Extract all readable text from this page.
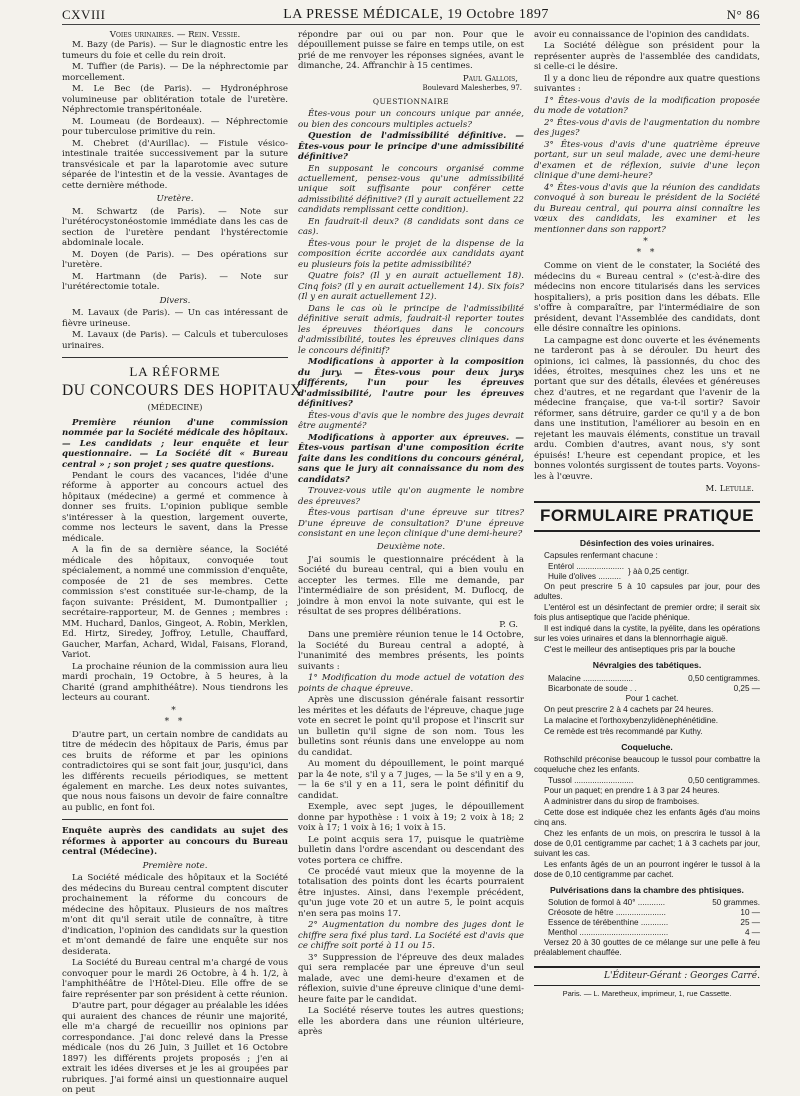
CXVIII	LA PRESSE MÉDICALE, 19 Octobre 1897	N° 86
Voies urinaires. — Rein. Vessie.

M. Bazy (de Paris). — Sur le diagnostic entre les tumeurs du foie et celle du rein droit.

M. Tuffier (de Paris). — De la néphrectomie par morcellement.

M. Le Bec (de Paris). — Hydronéphrose volumineuse par oblitération totale de l'uretère. Néphrectomie transpéritonéale.

M. Loumeau (de Bordeaux). — Néphrectomie pour tuberculose primitive du rein.

M. Chebret (d'Aurillac). — Fistule vésico-intestinale traitée successivement par la suture transvésicale et par la laparotomie avec suture séparée de l'intestin et de la vessie. Avantages de cette dernière méthode.

Uretère.

M. Schwartz (de Paris). — Note sur l'urétérocystonéostomie immédiate dans les cas de section de l'uretère pendant l'hystérectomie abdominale locale.

M. Doyen (de Paris). — Des opérations sur l'uretère.

M. Hartmann (de Paris). — Note sur l'urétérectomie totale.

Divers.

M. Lavaux (de Paris). — Un cas intéressant de fièvre urineuse.

M. Lavaux (de Paris). — Calculs et tuberculoses urinaires.

LA RÉFORME
DU CONCOURS DES HOPITAUX
(MÉDECINE)

Première réunion d'une commission nommée par la Société médicale des hôpitaux. — Les candidats ; leur enquête et leur questionnaire. — La Société dit « Bureau central » ; son projet ; ses quatre questions.

Pendant le cours des vacances, l'idée d'une réforme à apporter au concours actuel des hôpitaux (médecine) a germé et commence à donner ses fruits. L'opinion publique semble s'intéresser à la question, largement ouverte, comme nos lecteurs le savent, dans la Presse médicale.

A la fin de sa dernière séance, la Société médicale des hôpitaux, convoquée tout spécialement, a nommé une commission d'enquête, composée de 21 de ses membres. Cette commission s'est constituée sur-le-champ, de la façon suivante: Président, M. Dumontpallier ; secrétaire-rapporteur, M. de Gennes ; membres : MM. Huchard, Danlos, Gingeot, A. Robin, Merklen, Ed. Hirtz, Siredey, Joffroy, Letulle, Chauffard, Gaucher, Marfan, Achard, Widal, Faisans, Florand, Variot.

La prochaine réunion de la commission aura lieu mardi prochain, 19 Octobre, à 5 heures, à la Charité (grand amphithéâtre). Nous tiendrons les lecteurs au courant.

*
* *

D'autre part, un certain nombre de candidats au titre de médecin des hôpitaux de Paris, émus par ces bruits de réforme et par les opinions contradictoires qui se sont fait jour, jusqu'ici, dans les différents recueils périodiques, se mettent également en marche. Les deux notes suivantes, que nous nous faisons un devoir de faire connaître au public, en font foi.

Enquête auprès des candidats au sujet des réformes à apporter au concours du Bureau central (Médecine).

Première note.

La Société médicale des hôpitaux et la Société des médecins du Bureau central comptent discuter prochainement la réforme du concours de médecine des hôpitaux. Plusieurs de nos maîtres m'ont dit qu'il serait utile de connaître, à titre d'indication, l'opinion des candidats sur la question et m'ont demandé de faire une enquête sur nos desiderata.

La Société du Bureau central m'a chargé de vous convoquer pour le mardi 26 Octobre, à 4 h. 1/2, à l'amphithéâtre de l'Hôtel-Dieu. Elle offre de se faire représenter par son président à cette réunion.

D'autre part, pour dégager au préalable les idées qui auraient des chances de réunir une majorité, elle m'a chargé de recueillir nos opinions par correspondance. J'ai donc relevé dans la Presse médicale (nos du 26 Juin, 3 Juillet et 16 Octobre 1897) les différents projets proposés ; j'en ai extrait les idées diverses et je les ai groupées par rubriques. J'ai formé ainsi un questionnaire auquel on peut

répondre par oui ou par non. Pour que le dépouillement puisse se faire en temps utile, on est prié de me renvoyer les réponses signées, avant le dimanche, 24. Affranchir à 15 centimes.

Paul Gallois,
Boulevard Malesherbes, 97.
QUESTIONNAIRE

Êtes-vous pour un concours unique par année, ou bien des concours multiples actuels?

Question de l'admissibilité définitive. — Êtes-vous pour le principe d'une admissibilité définitive?

En supposant le concours organisé comme actuellement, pensez-vous qu'une admissibilité unique soit suffisante pour conférer cette admissibilité définitive? (Il y aurait actuellement 22 candidats remplissant cette condition).

En faudrait-il deux? (8 candidats sont dans ce cas).

Êtes-vous pour le projet de la dispense de la composition écrite accordée aux candidats ayant eu plusieurs fois la petite admissibilité?

Quatre fois? (Il y en aurait actuellement 18). Cinq fois? (Il y en aurait actuellement 14). Six fois? (Il y en aurait actuellement 12).

Dans le cas où le principe de l'admissibilité définitive serait admis, faudrait-il reporter toutes les épreuves théoriques dans le concours d'admissibilité, toutes les épreuves cliniques dans le concours définitif?

Modifications à apporter à la composition du jury. — Êtes-vous pour deux jurys différents, l'un pour les épreuves d'admissibilité, l'autre pour les épreuves définitives?

Êtes-vous d'avis que le nombre des juges devrait être augmenté?

Modifications à apporter aux épreuves. — Êtes-vous partisan d'une composition écrite faite dans les conditions du concours général, sans que le jury ait connaissance du nom des candidats?

Trouvez-vous utile qu'on augmente le nombre des épreuves?

Êtes-vous partisan d'une épreuve sur titres? D'une épreuve de consultation? D'une épreuve consistant en une leçon clinique d'une demi-heure?

Deuxième note.

J'ai soumis le questionnaire précédent à la Société du bureau central, qui a bien voulu en accepter les termes. Elle me demande, par l'intermédiaire de son président, M. Duflocq, de joindre à mon envoi la note suivante, qui est le résultat de ses propres délibérations.

P. G.

Dans une première réunion tenue le 14 Octobre, la Société du Bureau central a adopté, à l'unanimité des membres présents, les points suivants :

1° Modification du mode actuel de votation des points de chaque épreuve.

Après une discussion générale faisant ressortir les mérites et les défauts de l'épreuve, chaque juge vote en secret le point qu'il propose et l'inscrit sur un bulletin qu'il signe de son nom. Tous les bulletins sont réunis dans une enveloppe au nom du candidat.

Au moment du dépouillement, le point marqué par la 4e note, s'il y a 7 juges, — la 5e s'il y en a 9, — la 6e s'il y en a 11, sera le point définitif du candidat.

Exemple, avec sept juges, le dépouillement donne par hypothèse : 1 voix à 19; 2 voix à 18; 2 voix à 17; 1 voix à 16; 1 voix à 15.

Le point acquis sera 17, puisque le quatrième bulletin dans l'ordre ascendant ou descendant des votes portera ce chiffre.

Ce procédé vaut mieux que la moyenne de la totalisation des points dont les écarts pourraient être injustes. Ainsi, dans l'exemple précédent, qu'un juge vote 20 et un autre 5, le point acquis n'en sera pas moins 17.

2° Augmentation du nombre des juges dont le chiffre sera fixé plus tard. La Société est d'avis que ce chiffre soit porté à 11 ou 15.

3° Suppression de l'épreuve des deux malades qui sera remplacée par une épreuve d'un seul malade, avec une demi-heure d'examen et de réflexion, suivie d'une épreuve clinique d'une demi-heure faite par le candidat.

La Société réserve toutes les autres questions; elle les abordera dans une réunion ultérieure, après

avoir eu connaissance de l'opinion des candidats.

La Société délègue son président pour la représenter auprès de l'assemblée des candidats, si celle-ci le désire.

Il y a donc lieu de répondre aux quatre questions suivantes :

1° Êtes-vous d'avis de la modification proposée du mode de votation?

2° Êtes-vous d'avis de l'augmentation du nombre des juges?

3° Êtes-vous d'avis d'une quatrième épreuve portant, sur un seul malade, avec une demi-heure d'examen et de réflexion, suivie d'une leçon clinique d'une demi-heure?

4° Êtes-vous d'avis que la réunion des candidats convoqué à son bureau le président de la Société du Bureau central, qui pourra ainsi connaître les vœux des candidats, les examiner et les mentionner dans son rapport?

*
* *

Comme on vient de le constater, la Société des médecins du « Bureau central » (c'est-à-dire des médecins non encore titularisés dans les services hospitaliers), a pris position dans les débats. Elle s'offre à comparaître, par l'intermédiaire de son président, devant l'Assemblée des candidats, dont elle désire connaître les opinions.

La campagne est donc ouverte et les événements ne tarderont pas à se dérouler. Du heurt des opinions, ici calmes, là passionnés, du choc des idées, étroites, mesquines chez les uns et ne portant que sur des détails, élevées et généreuses chez d'autres, et ne regardant que l'avenir de la médecine française, que va-t-il sortir? Savoir réformer, sans détruire, garder ce qu'il y a de bon dans une institution, l'améliorer au besoin en en rejetant les mauvais éléments, constitue un travail ardu. Combien d'autres, avant nous, s'y sont épuisés! L'heure est cependant propice, et les bonnes volontés surgissent de toutes parts. Voyons-les à l'œuvre.

M. Letulle.
FORMULAIRE PRATIQUE
Désinfection des voies urinaires.

Capsules renfermant chacune :

Entérol .....................
Huile d'olives ..........
} àà 0,25 centigr.

On peut prescrire 5 à 10 capsules par jour, pour des adultes.

L'entérol est un désinfectant de premier ordre; il serait six fois plus antiseptique que l'acide phénique.

Il est indiqué dans la cystite, la pyélite, dans les opérations sur les voies urinaires et dans la blennorrhagie aiguë.

C'est le meilleur des antiseptiques pris par la bouche

Névralgies des tabétiques.
Malacine ......................	0,50 centigrammes.
Bicarbonate de soude . .	0,25 —

Pour 1 cachet.

On peut prescrire 2 à 4 cachets par 24 heures.

La malacine et l'orthoxybenzylidènephénétidine.

Ce remède est très recommandé par Kuthy.

Coqueluche.

Rothschild préconise beaucoup le tussol pour combattre la coqueluche chez les enfants.

Tussol ..........................	0,50 centigrammes.

Pour un paquet; en prendre 1 à 3 par 24 heures.

A administrer dans du sirop de framboises.

Cette dose est indiquée chez les enfants âgés d'au moins cinq ans.

Chez les enfants de un mois, on prescrira le tussol à la dose de 0,01 centigramme par cachet; 1 à 3 cachets par jour, suivant les cas.

Les enfants âgés de un an pourront ingérer le tussol à la dose de 0,10 centigramme par cachet.

Pulvérisations dans la chambre des phtisiques.
Solution de formol à 40° ............	50 grammes.
Créosote de hêtre ......................	10 —
Essence de térébenthine ............	25 —
Menthol .......................................	4 —

Versez 20 à 30 gouttes de ce mélange sur une pelle à feu préalablement chauffée.

L'Éditeur-Gérant : Georges Carré.
Paris. — L. Maretheux, imprimeur, 1, rue Cassette.
